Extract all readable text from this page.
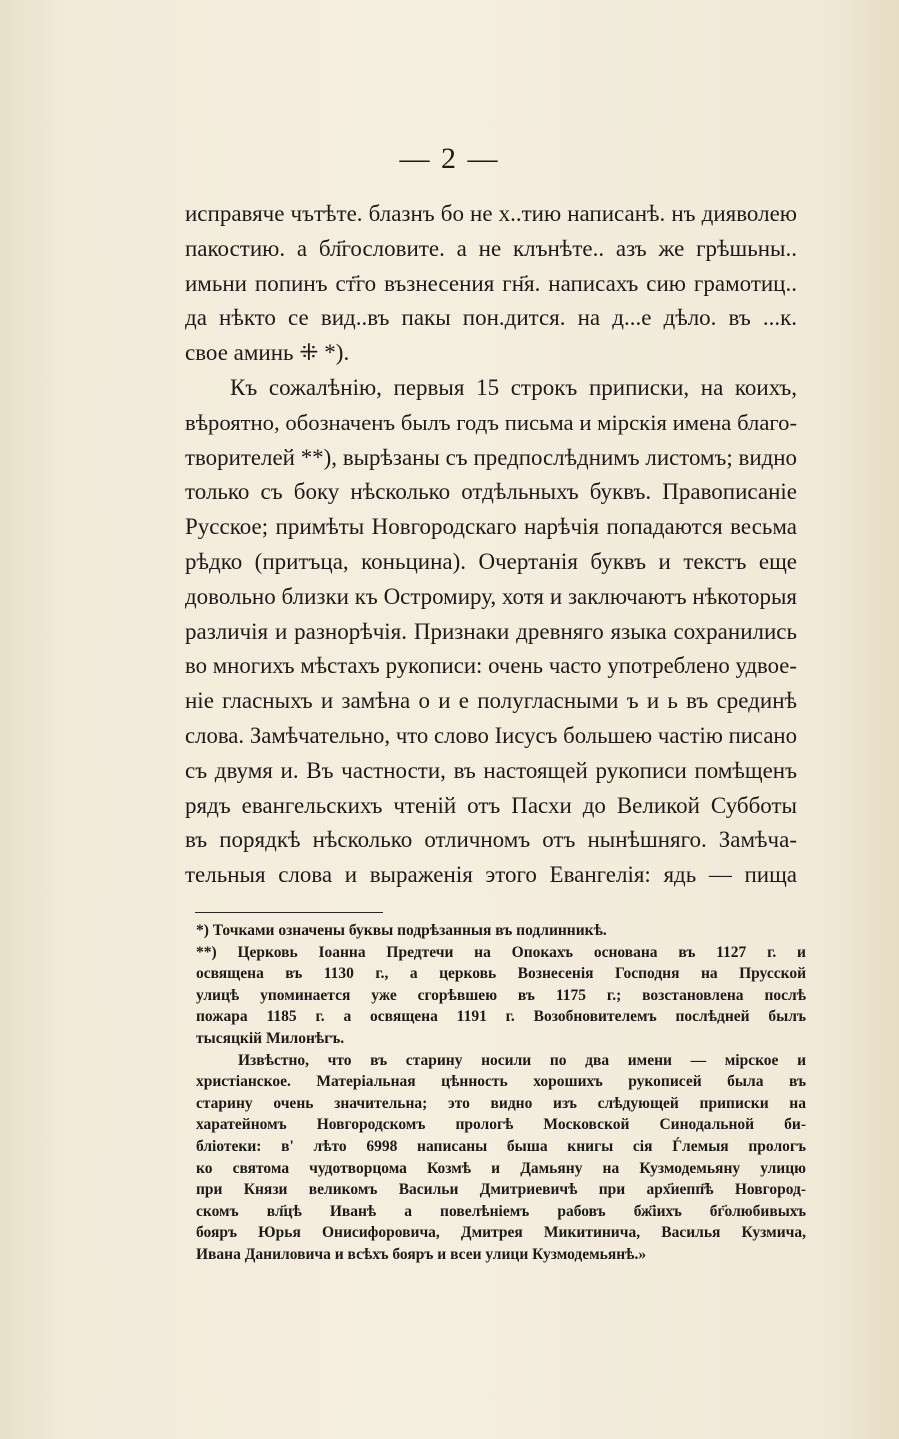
— 2 —
исправяче чътѣте. блазнъ бо не х..тию написанѣ. нъ дияволею
пакостию. а бл҃гословите. а не клънѣте.. азъ же грѣшьны..
имьни попинъ ст҃го възнесения гн҃я. написахъ сию грамотиц..
да нѣкто се вид..въ пакы пон.дится. на д...е дѣло. въ ...к.
свое аминь ⁜ *).
Къ сожалѣнію, первыя 15 строкъ приписки, на коихъ,
вѣроятно, обозначенъ былъ годъ письма и мірскія имена благо-
творителей **), вырѣзаны съ предпослѣднимъ листомъ; видно
только съ боку нѣсколько отдѣльныхъ буквъ. Правописаніе
Русское; примѣты Новгородскаго нарѣчія попадаются весьма
рѣдко (притъца, коньцина). Очертанія буквъ и текстъ еще
довольно близки къ Остромиру, хотя и заключаютъ нѣкоторыя
различія и разнорѣчія. Признаки древняго языка сохранились
во многихъ мѣстахъ рукописи: очень часто употреблено удвое-
ніе гласныхъ и замѣна о и е полугласными ъ и ь въ срединѣ
слова. Замѣчательно, что слово Іисусъ большею частію писано
съ двумя и. Въ частности, въ настоящей рукописи помѣщенъ
рядъ евангельскихъ чтеній отъ Пасхи до Великой Субботы
въ порядкѣ нѣсколько отличномъ отъ нынѣшняго. Замѣча-
тельныя слова и выраженія этого Евангелія: ядь — пища
*) Точками означены буквы подрѣзанныя въ подлинникѣ.
**) Церковь Іоанна Предтечи на Опокахъ основана въ 1127 г. и
освящена въ 1130 г., а церковь Вознесенія Господня на Прусской
улицѣ упоминается уже сгорѣвшею въ 1175 г.; возстановлена послѣ
пожара 1185 г. а освящена 1191 г. Возобновителемъ послѣдней былъ
тысяцкій Милонѣгъ.
Извѣстно, что въ старину носили по два имени — мірское и
христіанское. Матеріальная цѣнность хорошихъ рукописей была въ
старину очень значительна; это видно изъ слѣдующей приписки на
харатейномъ Новгородскомъ прологѣ Московской Синодальной би-
бліотеки: в' лѣто 6998 написаны быша книгы сія Ѓлемыя прологъ
ко святома чудотворцома Козмѣ и Дамьяну на Кузмодемьяну улицю
при Князи великомъ Васильи Дмитриевичѣ при арх҃иепп҃ѣ Новгород-
скомъ вл҃цѣ Иванѣ а повелѣніемъ рабовъ бж҃іихъ бг҃олюбивыхъ
бояръ Юрья Онисифоровича, Дмитрея Микитинича, Василья Кузмича,
Ивана Даниловича и всѣхъ бояръ и всеи улици Кузмодемьянѣ.»
